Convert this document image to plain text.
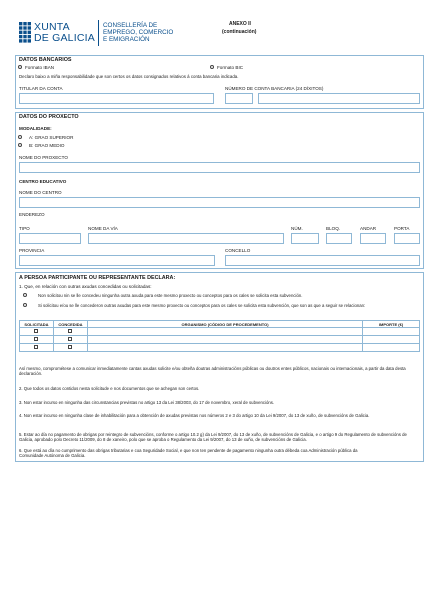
XUNTA
DE GALICIA
CONSELLERÍA DE
EMPREGO, COMERCIO
E EMIGRACIÓN
ANEXO II
(continuación)
DATOS BANCARIOS
Formato IBAN	Formato BIC
Declaro baixo a miña responsabilidade que son certos os datos consignados relativos á conta bancaria indicada.
TITULAR DA CONTA	NÚMERO DE CONTA BANCARIA (24 DÍXITOS)
DATOS DO PROXECTO
MODALIDADE:
A: GRAO SUPERIOR
B: GRAO MEDIO
NOME DO PROXECTO
CENTRO EDUCATIVO
NOME DO CENTRO
ENDEREZO
TIPO	NOME DA VÍA	NÚM.	BLOQ.	ANDAR	PORTA
PROVINCIA	CONCELLO
A PERSOA PARTICIPANTE OU REPRESENTANTE DECLARA:
1. Que, en relación con outras axudas concedidas ou solicitadas:
Non solicitou nin se lle concedeu ningunha outra axuda para este mesmo proxecto ou conceptos para os cales se solicita esta subvención.
Si solicitou e/ou se lle concederon outras axudas para este mesmo proxecto ou conceptos para os cales se solicita esta subvención, que son as que a seguir se relacionan:
SOLICITADA	CONCEDIDA	ORGANISMO (CÓDIGO DE PROCEDEMENTO)	IMPORTE (€)

Así mesmo, comprométese a comunicar inmediatamente cantas axudas solicite e/ou obteña doutras administracións públicas ou doutros entes públicos, nacionais ou internacionais, a partir da data desta declaración.
2. Que todos os datos contidos nesta solicitude e nos documentos que se achegan son certos.
3. Non estar incurso en ningunha das circunstancias previstas no artigo 13 da Lei 38/2003, do 17 de novembro, xeral de subvencións.
4. Non estar incurso en ningunha clase de inhabilitación para a obtención de axudas previstas nos números 2 e 3 do artigo 10 da Lei 9/2007, do 13 de xuño, de subvencións de Galicia.
5. Estar ao día no pagamento de obrigas por reintegro de subvencións, conforme o artigo 10.2 g) da Lei 9/2007, do 13 de xuño, de subvencións de Galicia, e o artigo 9 do Regulamento de subvencións de Galicia, aprobado polo Decreto 11/2009, do 8 de xaneiro, polo que se aproba o Regulamento da Lei 9/2007, do 13 de xuño, de subvencións de Galicia.
6. Que está ao día no cumprimento das obrigas tributarias e coa Seguridade Social, e que non ten pendente de pagamento ningunha outra débeda coa Administración pública da Comunidade Autónoma de Galicia.
